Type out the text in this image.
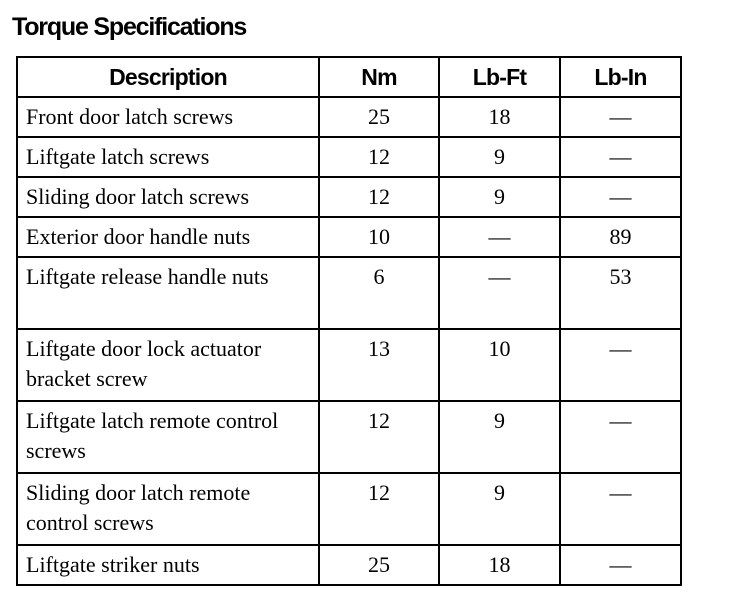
Torque Specifications
Description	Nm	Lb-Ft	Lb-In
Front door latch screws	25	18	—
Liftgate latch screws	12	9	—
Sliding door latch screws	12	9	—
Exterior door handle nuts	10	—	89
Liftgate release handle nuts	6	—	53
Liftgate door lock actuator bracket screw	13	10	—
Liftgate latch remote control screws	12	9	—
Sliding door latch remote control screws	12	9	—
Liftgate striker nuts	25	18	—
